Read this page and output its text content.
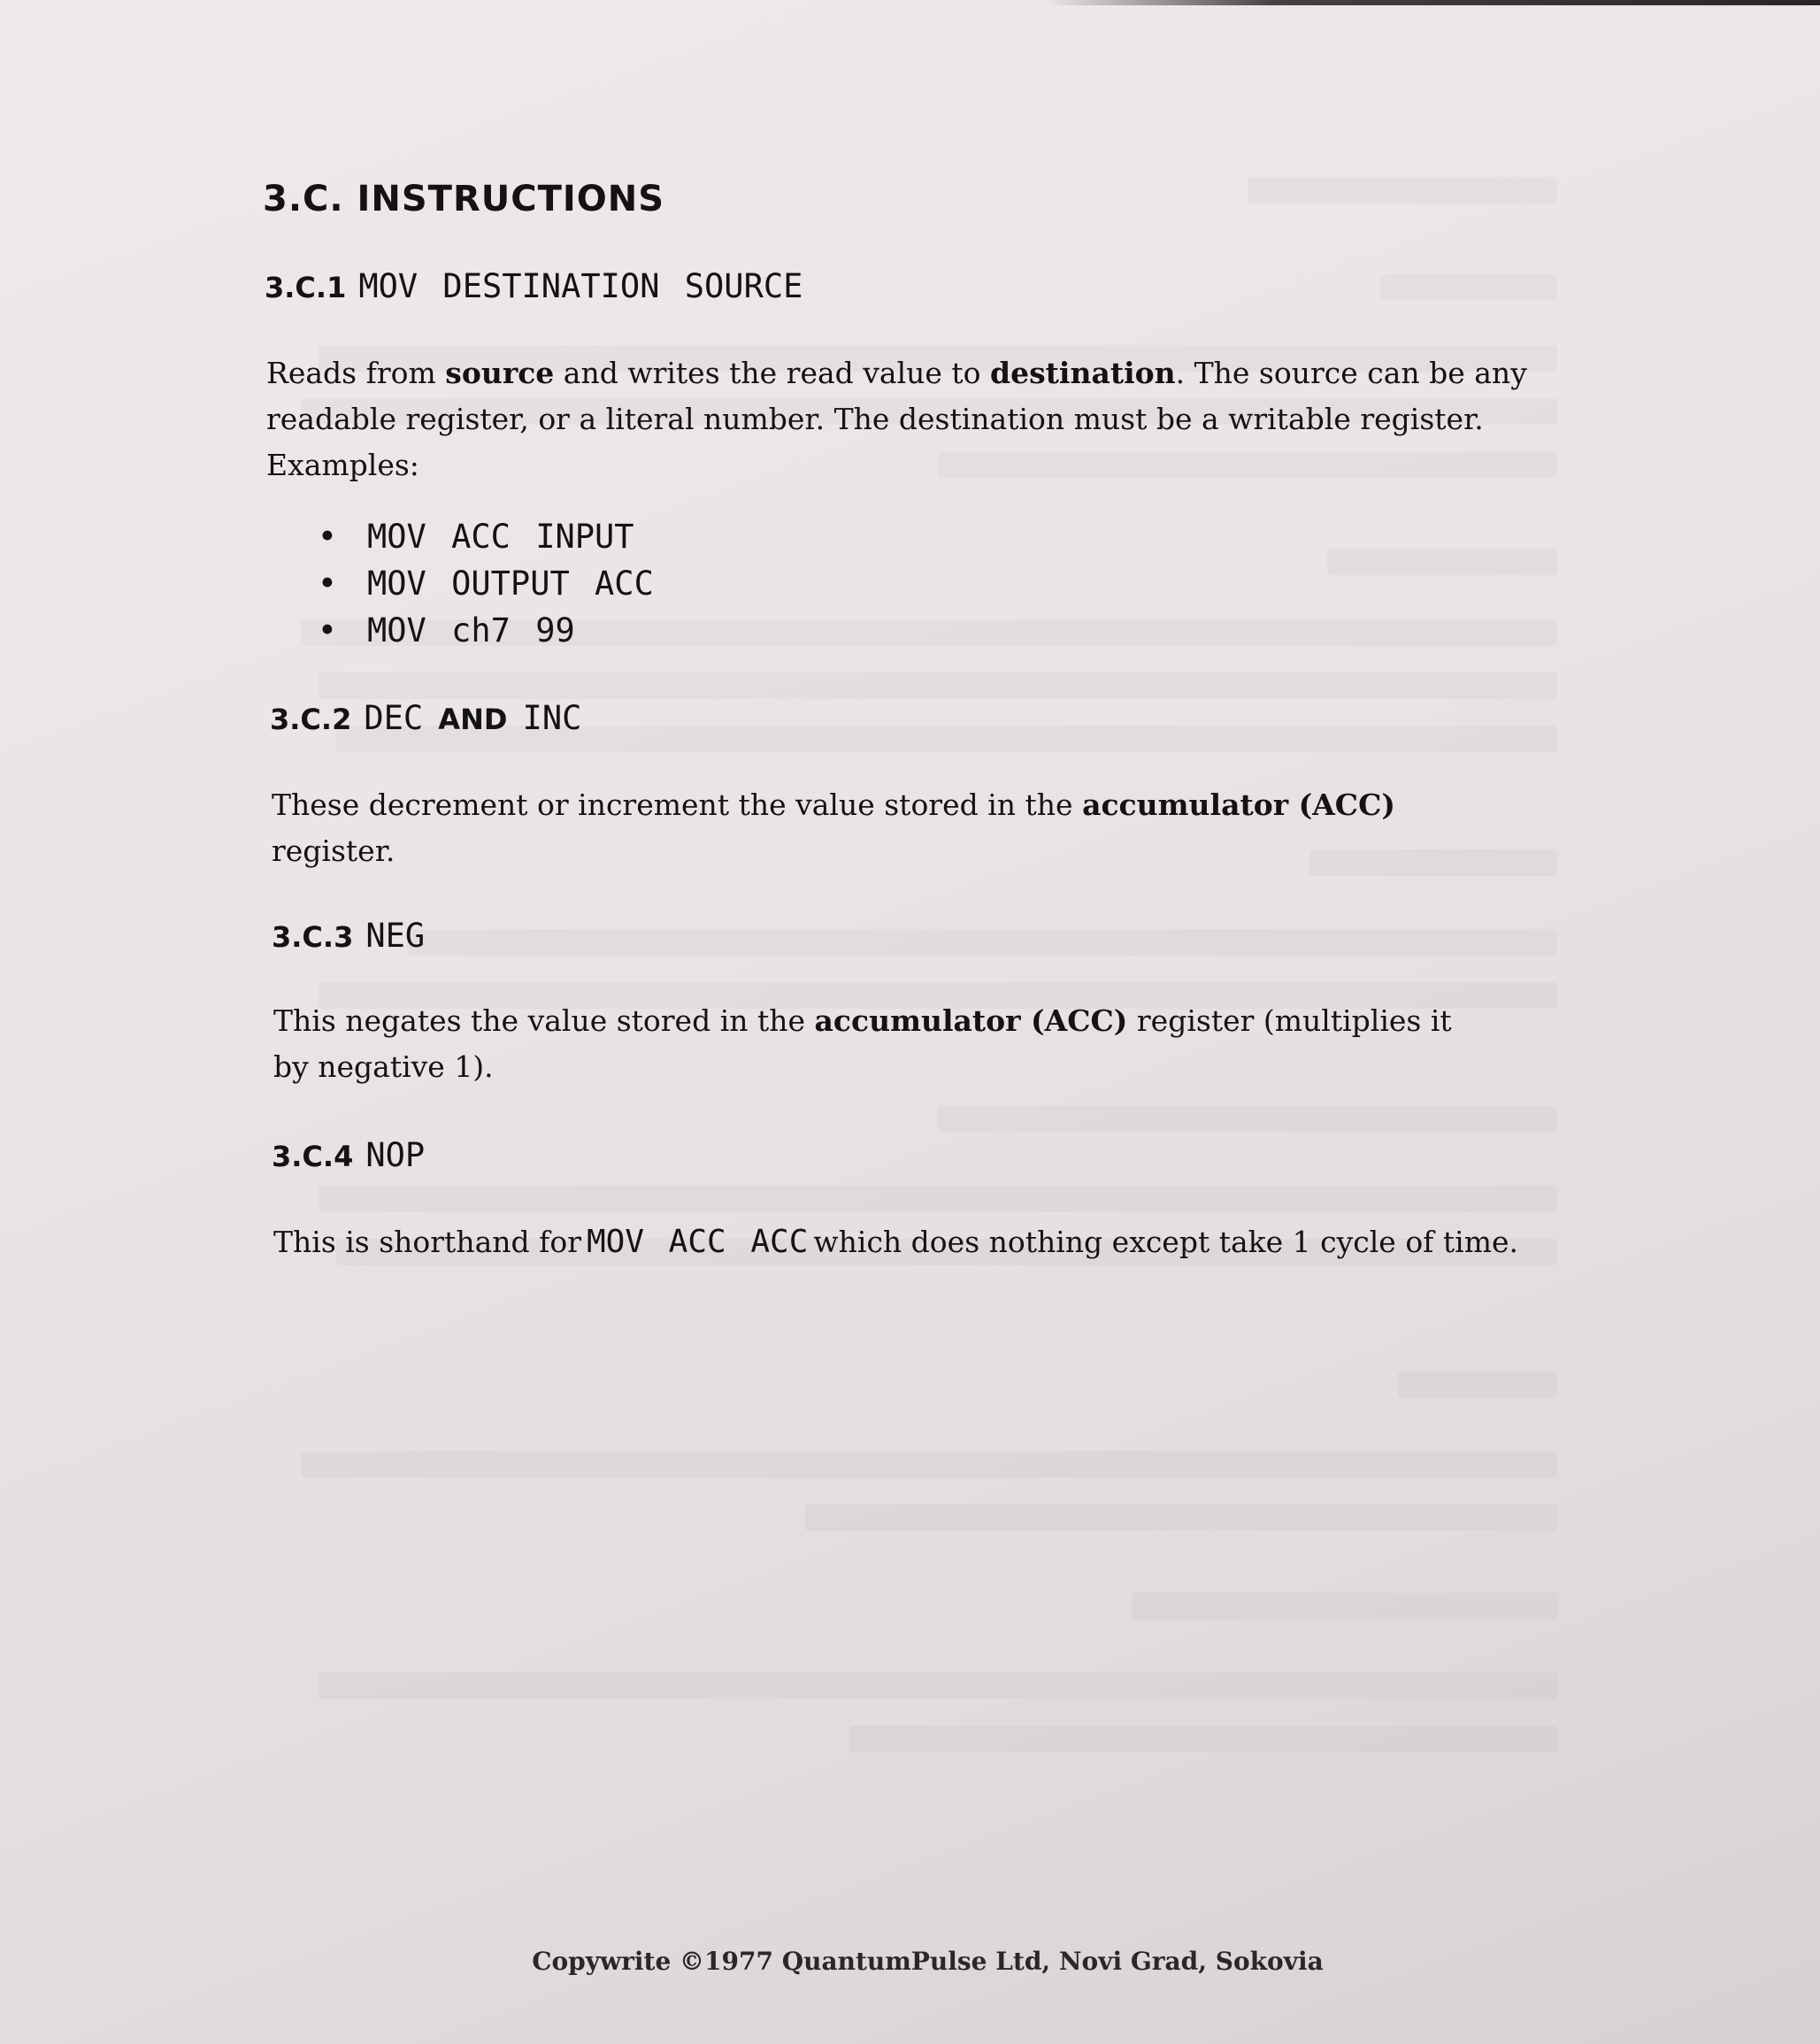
3.C. INSTRUCTIONS
3.C.1 MOV DESTINATION SOURCE

Reads from source and writes the read value to destination. The source can be any readable register, or a literal number. The destination must be a writable register. Examples:

• MOV ACC INPUT
• MOV OUTPUT ACC
• MOV ch7 99
3.C.2 DEC AND INC

These decrement or increment the value stored in the accumulator (ACC) register.

3.C.3 NEG

This negates the value stored in the accumulator (ACC) register (multiplies it by negative 1).

3.C.4 NOP

This is shorthand for MOV ACC ACC which does nothing except take 1 cycle of time.

Copywrite ©1977 QuantumPulse Ltd, Novi Grad, Sokovia
